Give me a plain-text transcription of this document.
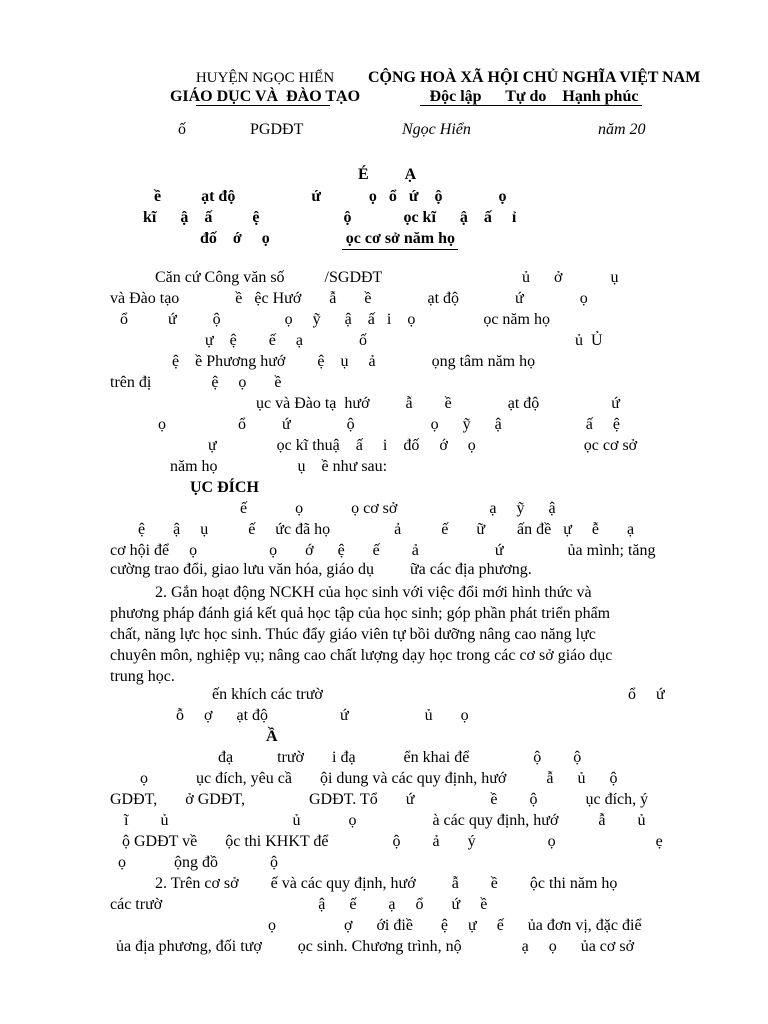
HUYỆN NGỌC HIỂN
GIÁO DỤC VÀ  ĐÀO TẠO
CỘNG HOÀ XÃ HỘI CHỦ NGHĨA VIỆT NAM
Độc lập      Tự do    Hạnh phúc
ố	PGDĐT	Ngọc Hiển	năm 20
É         Ạ
ề          ạt độ                   ứ            ọ   ổ   ứ    ộ              ọ
kĩ      ậ    ấ          ệ                     ộ             ọc kĩ      ậ    ấ     ỉ
đố    ớ     ọ                   ọc cơ sở năm họ
Căn cứ Công văn số          /SGDĐT                                   ủ      ở            ụ
và Đào tạo              ề   ệc Hướ       ẫ       ề              ạt độ              ứ              ọ
ổ          ứ         ộ                ọ     ỹ      ậ    ấ   i    ọ                 ọc năm họ
ự    ệ        ế     ạ              ố                                                    ủ  Ủ
ệ    ề Phương hướ        ệ    ụ     ả              ọng tâm năm họ
trên đị               ệ     ọ       ề
ục và Đào tạ  hướ         ẫ        ề              ạt độ                  ứ
ọ                  ổ         ứ              ộ                   ọ      ỹ      ậ                     ấ     ệ
ự               ọc kĩ thuậ    ấ     i    đố     ớ     ọ                           ọc cơ sở
năm họ                    ụ    ề như sau:
ỤC ĐÍCH
ế            ọ            ọ cơ sở                       ạ     ỹ      ậ
ệ       ậ     ụ          ế     ức đã họ                ả          ế       ữ        ấn đề   ự     ễ       ạ
cơ hội để     ọ                  ọ       ớ      ệ       ế        ả                   ứ                ủa mình; tăng
cường trao đổi, giao lưu văn hóa, giáo dụ         ữa các địa phương.
2. Gắn hoạt động NCKH của học sinh với việc đổi mới hình thức và
phương pháp đánh giá kết quả học tập của học sinh; góp phần phát triển phẩm
chất, năng lực học sinh. Thúc đẩy giáo viên tự bồi dưỡng nâng cao năng lực
chuyên môn, nghiệp vụ; nâng cao chất lượng dạy học trong các cơ sở giáo dục
trung học.
ến khích các trườ	ổ     ứ
ỗ     ợ      ạt độ                  ứ                   ủ       ọ
Ầ
đạ           trườ       i đạ            ển khai để                ộ        ộ
ọ            ục đích, yêu cầ       ội dung và các quy định, hướ          ẫ      ủ      ộ
GDĐT,       ở GDĐT,                GDĐT. Tổ       ứ                   ề        ộ            ục đích, ý
ĩ        ủ                               ủ            ọ                   à các quy định, hướ          ẫ        ủ
ộ GDĐT về       ộc thi KHKT để                ộ        ả       ý                  ọ                         ẹ
ọ            ộng đồ             ộ
2. Trên cơ sở        ế và các quy định, hướ         ẫ        ề        ộc thi năm họ
các trườ                                       ậ      ế        ạ     ổ       ứ     ề
ọ                 ợ      ới điề       ệ     ự     ế      ủa đơn vị, đặc điể
ủa địa phương, đối tượ         ọc sinh. Chương trình, nộ               ạ     ọ      ủa cơ sở
